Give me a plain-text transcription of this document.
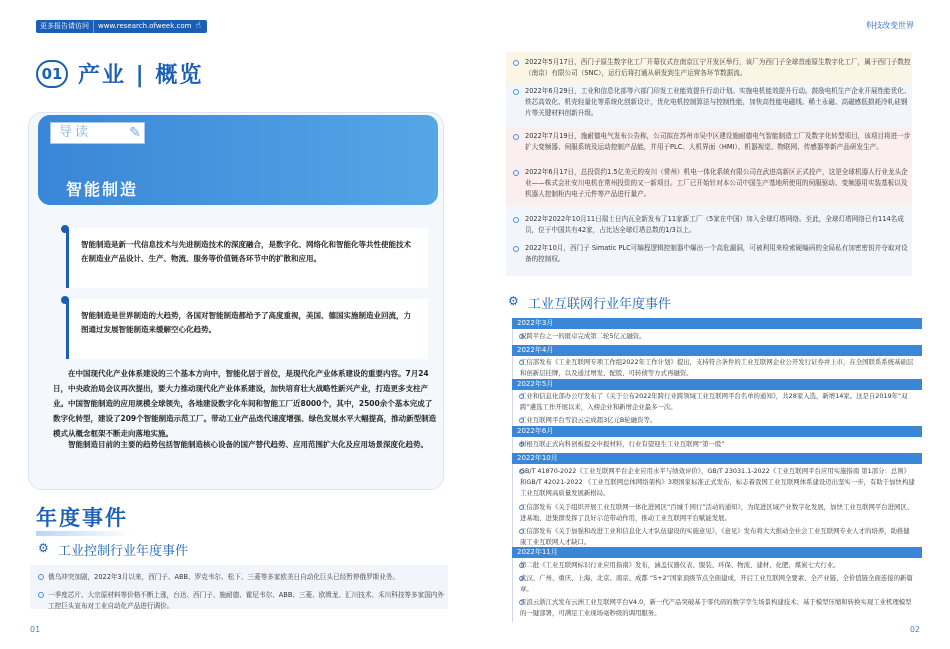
更多报告请访问	www.research.ofweek.com ☝
01 产业 | 概览
导读	✎
智能制造
智能制造是新一代信息技术与先进制造技术的深度融合，是数字化、网络化和智能化等共性使能技术在制造业产品设计、生产、物流、服务等价值链各环节中的扩散和应用。
智能制造是世界制造的大趋势，各国对智能制造都给予了高度重视，美国、德国实施制造业回流，力图通过发展智能制造来缓解空心化趋势。

在中国现代化产业体系建设的三个基本方向中，智能化居于首位，是现代化产业体系建设的重要内容。7月24日，中央政治局会议再次提出，要大力推动现代化产业体系建设，加快培育壮大战略性新兴产业，打造更多支柱产业。中国智能制造的应用规模全球领先，各地建设数字化车间和智能工厂近8000个，其中，2500余个基本完成了数字化转型，建设了209个智能制造示范工厂。带动工业产品迭代速度增强、绿色发展水平大幅提高，推动新型制造模式从概念框架不断走向落地实施。

智能制造目前的主要的趋势包括智能制造核心设备的国产替代趋势、应用范围扩大化及应用场景深度化趋势。

年度事件
⚙ 工业控制行业年度事件
俄乌冲突加剧，2022年3月以来，西门子、ABB、罗克韦尔、松下、三菱等多家欧美日自动化巨头已经暂停俄罗斯业务。
一季度芯片、大宗原材料等价格不断上涨，台达、西门子、施耐德、霍尼韦尔、ABB、三菱、欧姆龙、汇川技术、禾川科技等多家国内外工控巨头宣布对工业自动化产品进行调价。
01
科技改变世界
2022年5月17日，西门子原生数字化工厂开幕仪式在南京江宁开发区举行，该厂为西门子全球首座原生数字化工厂，属于西门子数控（南京）有限公司（SNC），运行后将打通从研发到生产运营各环节数据流。
2022年6月29日，工业和信息化部等六部门印发工业能效提升行动计划。实施电机能效提升行动。鼓励电机生产企业开展性能优化、铁芯高效化、机壳轻量化等系统化创新设计，优化电机控制算法与控制性能，加快高性能电磁线、稀土永磁、高磁感低损耗冷轧硅钢片等关键材料创新升级。
2022年7月19日，施耐德电气发布公告称，公司拟在苏州市吴中区建设施耐德电气智能制造工厂及数字化转型项目，该项目将进一步扩大变频器、伺服系统及运动控制产品能，并用于PLC、人机界面（HMI）、机器视觉、物联网、传感器等新产品研发生产。
2022年6月17日，总投资约1.5亿美元的安川（常州）机电一体化系统有限公司在武进高新区正式投产，这是全球机器人行业龙头企业——株式会社安川电机在常州投资的又一新项目。工厂已开始针对本公司中国生产基地所使用的伺服驱动、变频器用实装基板以及机器人控制柜内电子元件等产品进行量产。
2022年2022年10月11日瑞士日内瓦全新发布了11家新工厂（5家在中国）加入全球灯塔网络。至此，全球灯塔网络已有114名成员，位于中国共有42家，占比达全球灯塔总数的1/3以上。
2022年10月，西门子 Simatic PLC可编程逻辑控制器中爆出一个高危漏洞，可被利用来检索硬编码的全局私有加密密钥并夺取对设备的控制权。
⚙ 工业互联网行业年度事件
2022年3月
双跨平台之一的匿卓完成第二轮5亿元融资。
2022年4月
工信部发布《工业互联网专项工作组2022年工作计划》提出，支持符合条件的工业互联网企业公开发行证券并上市，在全国联系系统基础层和创新层挂牌，以及通过增发、配股、可转债等方式再融资。
2022年5月
工业和信息化部办公厅发布了《关于公布2022年跨行业跨领域工业互联网平台名单的通知》，共28家入选，新增14家。这是自2019年“双跨”遴选工作开展以来，入榜企业和新增企业最多一次。
工业互联网平台雪浪云完成超3亿元B轮融资等。
2022年6月
树根互联正式向科创板提交申报材料，行业有望迎生工业互联网“第一股”
2022年10月
GB/T 41870-2022《工业互联网平台企业应用水平与绩效评价》、GB/T 23031.1-2022《工业互联网平台应用实施指南 第1部分：总则》和GB/T 42021-2022 《工业互联网总体网络架构》3项国家标准正式发布，标志着我国工业互联网体系建设迈出坚实一步，有助于加快构建工业互联网高质量发展新格局。
工信部发布《关于组织开展工业互联网一体化进园区“百城千园行”活动的通知》，为促进区域产业数字化发展，加快工业互联网平台进园区、进基地、进集群发挥了良好示范带动作用，推动工业互联网平台赋能发展。
工信部发布《关于加强和改进工业和信息化人才队伍建设的实施意见》，《意见》发布将大大推动全社会工业互联网专业人才的培养，助推健康工业互联网人才缺口。
2022年11月
第二批《工业互联网标识行业应用指南》发布，涵盖仪器仪表、服装、环保、物流、建材、化肥、煤炭七大行业。
武汉、广州、重庆、上海、北京、南京、成都 “5+2”国家顶级节点全面建成，开启工业互联网全要素、全产业链、全价值链全面连接的新篇章。
雪浪云浙江式发布云洲工业互联网平台V4.0，新一代产品突破基于零代码的数字孪生场景构建技术；基于模型压缩和转换实现工业机理模型的一键部署，可满足工业现场毫秒级的调用服务。
02
